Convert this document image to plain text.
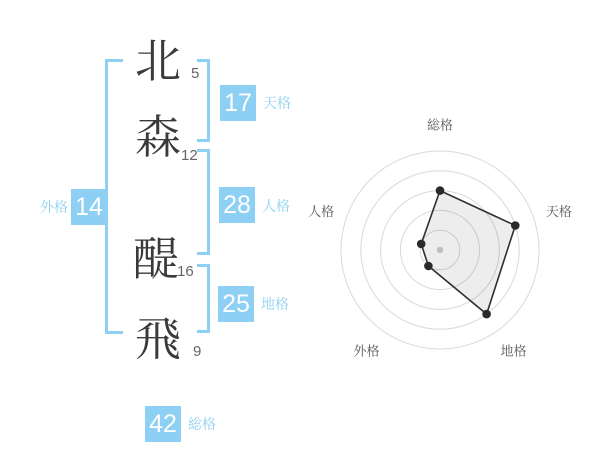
北
森
醍
飛
5
12
16
9
17 天格
28 人格
25 地格
外格 14
42 総格
総格
天格
地格
外格
人格
